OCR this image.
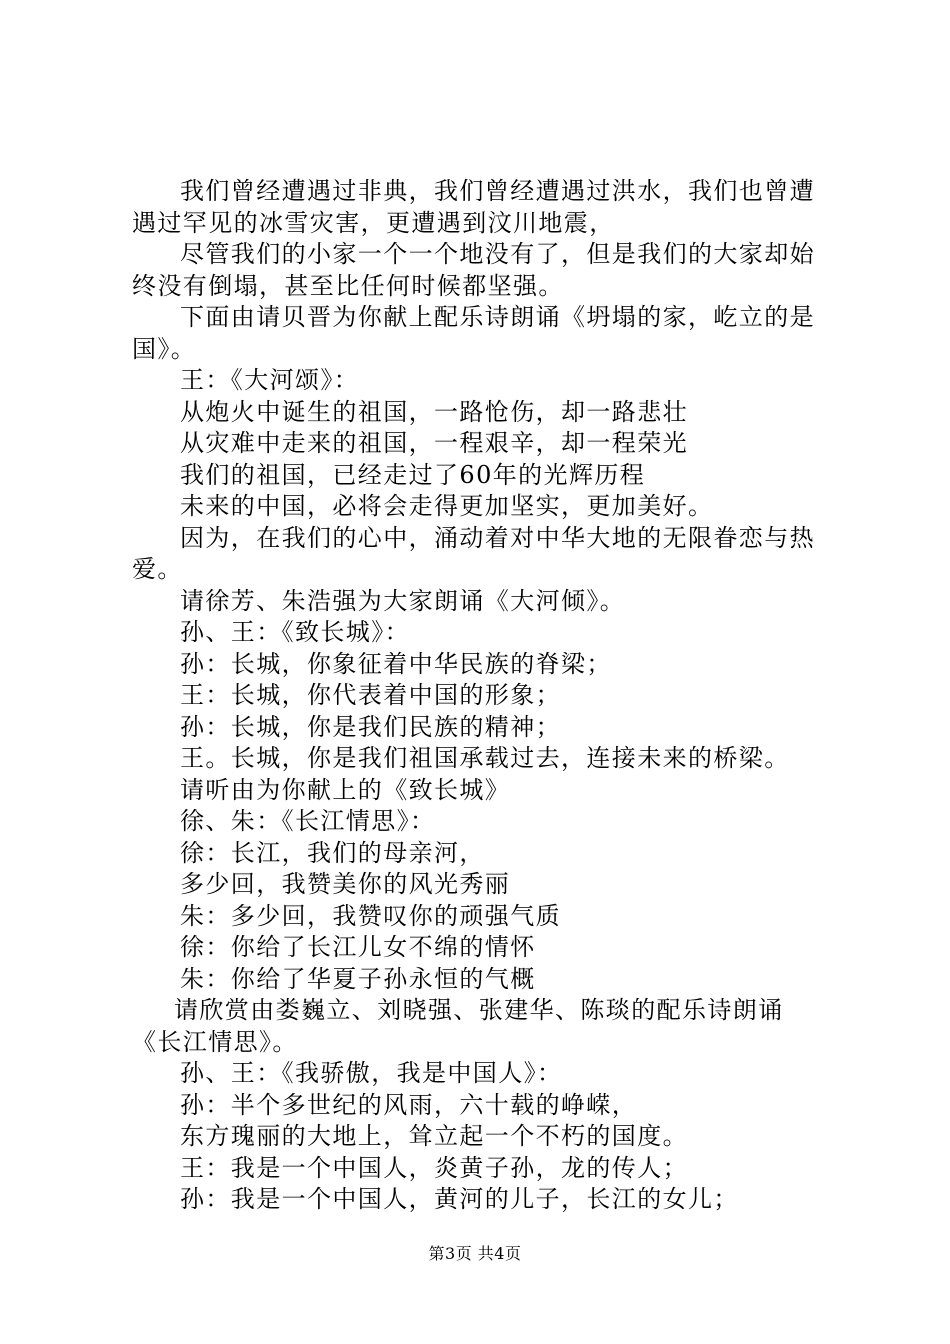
我们曾经遭遇过非典，我们曾经遭遇过洪水，我们也曾遭
遇过罕见的冰雪灾害，更遭遇到汶川地震，
尽管我们的小家一个一个地没有了，但是我们的大家却始
终没有倒塌，甚至比任何时候都坚强。
下面由请贝晋为你献上配乐诗朗诵《坍塌的家，屹立的是
国》。
王：《大河颂》：
从炮火中诞生的祖国，一路怆伤，却一路悲壮
从灾难中走来的祖国，一程艰辛，却一程荣光
我们的祖国，已经走过了60年的光辉历程
未来的中国，必将会走得更加坚实，更加美好。
因为，在我们的心中，涌动着对中华大地的无限眷恋与热
爱。
请徐芳、朱浩强为大家朗诵《大河倾》。
孙、王：《致长城》：
孙：长城，你象征着中华民族的脊梁；
王：长城，你代表着中国的形象；
孙：长城，你是我们民族的精神；
王。长城，你是我们祖国承载过去，连接未来的桥梁。
请听由为你献上的《致长城》
徐、朱：《长江情思》：
徐：长江，我们的母亲河，
多少回，我赞美你的风光秀丽
朱：多少回，我赞叹你的顽强气质
徐：你给了长江儿女不绵的情怀
朱：你给了华夏子孙永恒的气概
请欣赏由娄巍立、刘晓强、张建华、陈琰的配乐诗朗诵
《长江情思》。
孙、王：《我骄傲，我是中国人》：
孙：半个多世纪的风雨，六十载的峥嵘，
东方瑰丽的大地上，耸立起一个不朽的国度。
王：我是一个中国人，炎黄子孙，龙的传人；
孙：我是一个中国人，黄河的儿子，长江的女儿；
第3页 共4页
